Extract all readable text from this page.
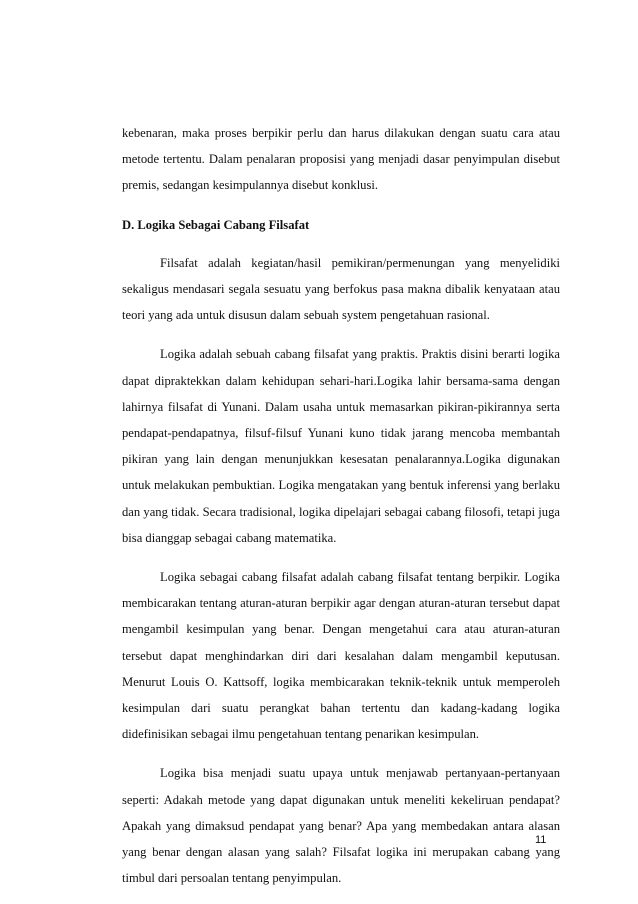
kebenaran, maka proses berpikir perlu dan harus dilakukan dengan suatu cara atau metode tertentu. Dalam penalaran proposisi yang menjadi dasar penyimpulan disebut premis, sedangan kesimpulannya disebut konklusi.

D. Logika Sebagai Cabang Filsafat

Filsafat adalah kegiatan/hasil pemikiran/permenungan yang menyelidiki sekaligus mendasari segala sesuatu yang berfokus pasa makna dibalik kenyataan atau teori yang ada untuk disusun dalam sebuah system pengetahuan rasional.

Logika adalah sebuah cabang filsafat yang praktis. Praktis disini berarti logika dapat dipraktekkan dalam kehidupan sehari-hari.Logika lahir bersama-sama dengan lahirnya filsafat di Yunani. Dalam usaha untuk memasarkan pikiran-pikirannya serta pendapat-pendapatnya, filsuf-filsuf Yunani kuno tidak jarang mencoba membantah pikiran yang lain dengan menunjukkan kesesatan penalarannya.Logika digunakan untuk melakukan pembuktian. Logika mengatakan yang bentuk inferensi yang berlaku dan yang tidak. Secara tradisional, logika dipelajari sebagai cabang filosofi, tetapi juga bisa dianggap sebagai cabang matematika.

Logika sebagai cabang filsafat adalah cabang filsafat tentang berpikir. Logika membicarakan tentang aturan-aturan berpikir agar dengan aturan-aturan tersebut dapat mengambil kesimpulan yang benar. Dengan mengetahui cara atau aturan-aturan tersebut dapat menghindarkan diri dari kesalahan dalam mengambil keputusan. Menurut Louis O. Kattsoff, logika membicarakan teknik-teknik untuk memperoleh kesimpulan dari suatu perangkat bahan tertentu dan kadang-kadang logika didefinisikan sebagai ilmu pengetahuan tentang penarikan kesimpulan.

Logika bisa menjadi suatu upaya untuk menjawab pertanyaan-pertanyaan seperti: Adakah metode yang dapat digunakan untuk meneliti kekeliruan pendapat? Apakah yang dimaksud pendapat yang benar? Apa yang membedakan antara alasan yang benar dengan alasan yang salah? Filsafat logika ini merupakan cabang yang timbul dari persoalan tentang penyimpulan.

11
